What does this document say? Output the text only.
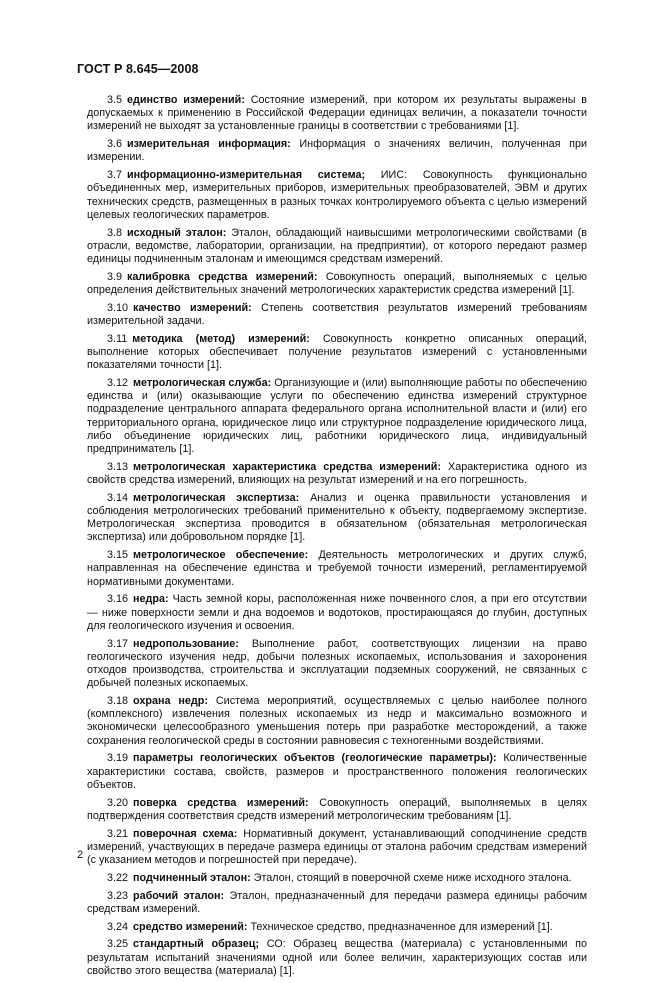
ГОСТ Р 8.645—2008

3.5 единство измерений: Состояние измерений, при котором их результаты выражены в допускаемых к применению в Российской Федерации единицах величин, а показатели точности измерений не выходят за установленные границы в соответствии с требованиями [1].

3.6 измерительная информация: Информация о значениях величин, полученная при измерении.

3.7 информационно-измерительная система; ИИС: Совокупность функционально объединенных мер, измерительных приборов, измерительных преобразователей, ЭВМ и других технических средств, размещенных в разных точках контролируемого объекта с целью измерений целевых геологических параметров.

3.8 исходный эталон: Эталон, обладающий наивысшими метрологическими свойствами (в отрасли, ведомстве, лаборатории, организации, на предприятии), от которого передают размер единицы подчиненным эталонам и имеющимся средствам измерений.

3.9 калибровка средства измерений: Совокупность операций, выполняемых с целью определения действительных значений метрологических характеристик средства измерений [1].

3.10 качество измерений: Степень соответствия результатов измерений требованиям измерительной задачи.

3.11 методика (метод) измерений: Совокупность конкретно описанных операций, выполнение которых обеспечивает получение результатов измерений с установленными показателями точности [1].

3.12 метрологическая служба: Организующие и (или) выполняющие работы по обеспечению единства и (или) оказывающие услуги по обеспечению единства измерений структурное подразделение центрального аппарата федерального органа исполнительной власти и (или) его территориального органа, юридическое лицо или структурное подразделение юридического лица, либо объединение юридических лиц, работники юридического лица, индивидуальный предприниматель [1].

3.13 метрологическая характеристика средства измерений: Характеристика одного из свойств средства измерений, влияющих на результат измерений и на его погрешность.

3.14 метрологическая экспертиза: Анализ и оценка правильности установления и соблюдения метрологических требований применительно к объекту, подвергаемому экспертизе. Метрологическая экспертиза проводится в обязательном (обязательная метрологическая экспертиза) или добровольном порядке [1].

3.15 метрологическое обеспечение: Деятельность метрологических и других служб, направленная на обеспечение единства и требуемой точности измерений, регламентируемой нормативными документами.

3.16 недра: Часть земной коры, расположенная ниже почвенного слоя, а при его отсутствии — ниже поверхности земли и дна водоемов и водотоков, простирающаяся до глубин, доступных для геологического изучения и освоения.

3.17 недропользование: Выполнение работ, соответствующих лицензии на право геологического изучения недр, добычи полезных ископаемых, использования и захоронения отходов производства, строительства и эксплуатации подземных сооружений, не связанных с добычей полезных ископаемых.

3.18 охрана недр: Система мероприятий, осуществляемых с целью наиболее полного (комплексного) извлечения полезных ископаемых из недр и максимально возможного и экономически целесообразного уменьшения потерь при разработке месторождений, а также сохранения геологической среды в состоянии равновесия с техногенными воздействиями.

3.19 параметры геологических объектов (геологические параметры): Количественные характеристики состава, свойств, размеров и пространственного положения геологических объектов.

3.20 поверка средства измерений: Совокупность операций, выполняемых в целях подтверждения соответствия средств измерений метрологическим требованиям [1].

3.21 поверочная схема: Нормативный документ, устанавливающий соподчинение средств измерений, участвующих в передаче размера единицы от эталона рабочим средствам измерений (с указанием методов и погрешностей при передаче).

3.22 подчиненный эталон: Эталон, стоящий в поверочной схеме ниже исходного эталона.

3.23 рабочий эталон: Эталон, предназначенный для передачи размера единицы рабочим средствам измерений.

3.24 средство измерений: Техническое средство, предназначенное для измерений [1].

3.25 стандартный образец; СО: Образец вещества (материала) с установленными по результатам испытаний значениями одной или более величин, характеризующих состав или свойство этого вещества (материала) [1].

2
